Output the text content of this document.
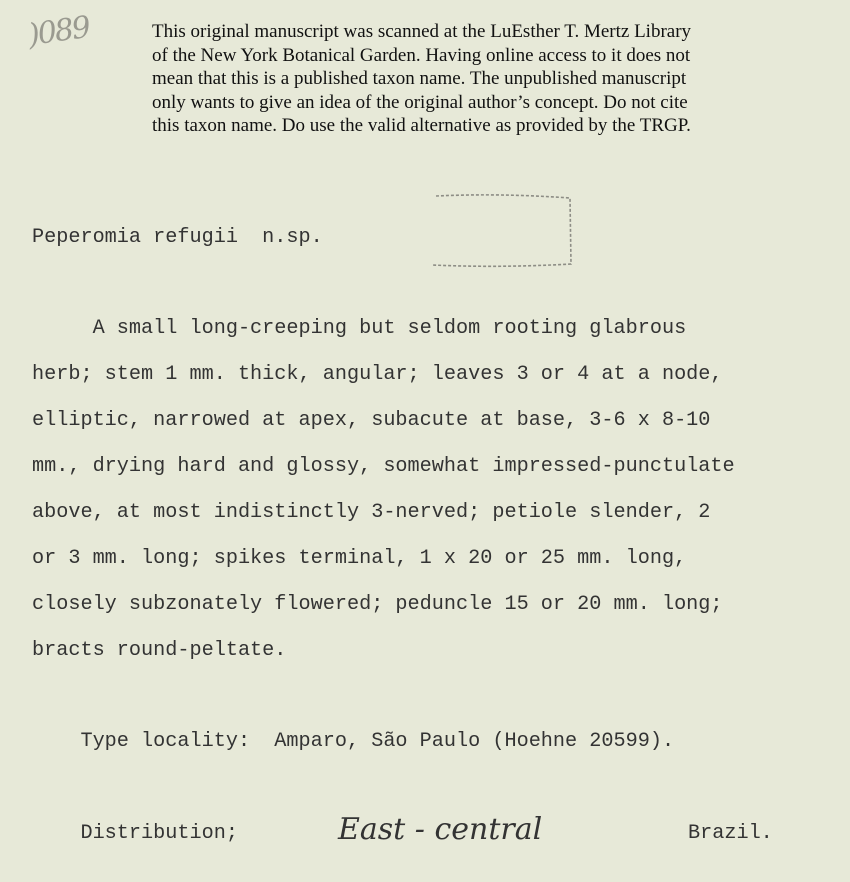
)089	This original manuscript was scanned at the LuEsther T. Mertz Library
of the New York Botanical Garden. Having online access to it does not
mean that this is a published taxon name. The unpublished manuscript
only wants to give an idea of the original author’s concept. Do not cite
this taxon name. Do use the valid alternative as provided by the TRGP.
Peperomia refugii  n.sp.
A small long-creeping but seldom rooting glabrous
herb; stem 1 mm. thick, angular; leaves 3 or 4 at a node,
elliptic, narrowed at apex, subacute at base, 3-6 x 8-10
mm., drying hard and glossy, somewhat impressed-punctulate
above, at most indistinctly 3-nerved; petiole slender, 2
or 3 mm. long; spikes terminal, 1 x 20 or 25 mm. long,
closely subzonately flowered; peduncle 15 or 20 mm. long;
bracts round-peltate.
Type locality:  Amparo, São Paulo (Hoehne 20599).
Distribution;	East - central	Brazil.
